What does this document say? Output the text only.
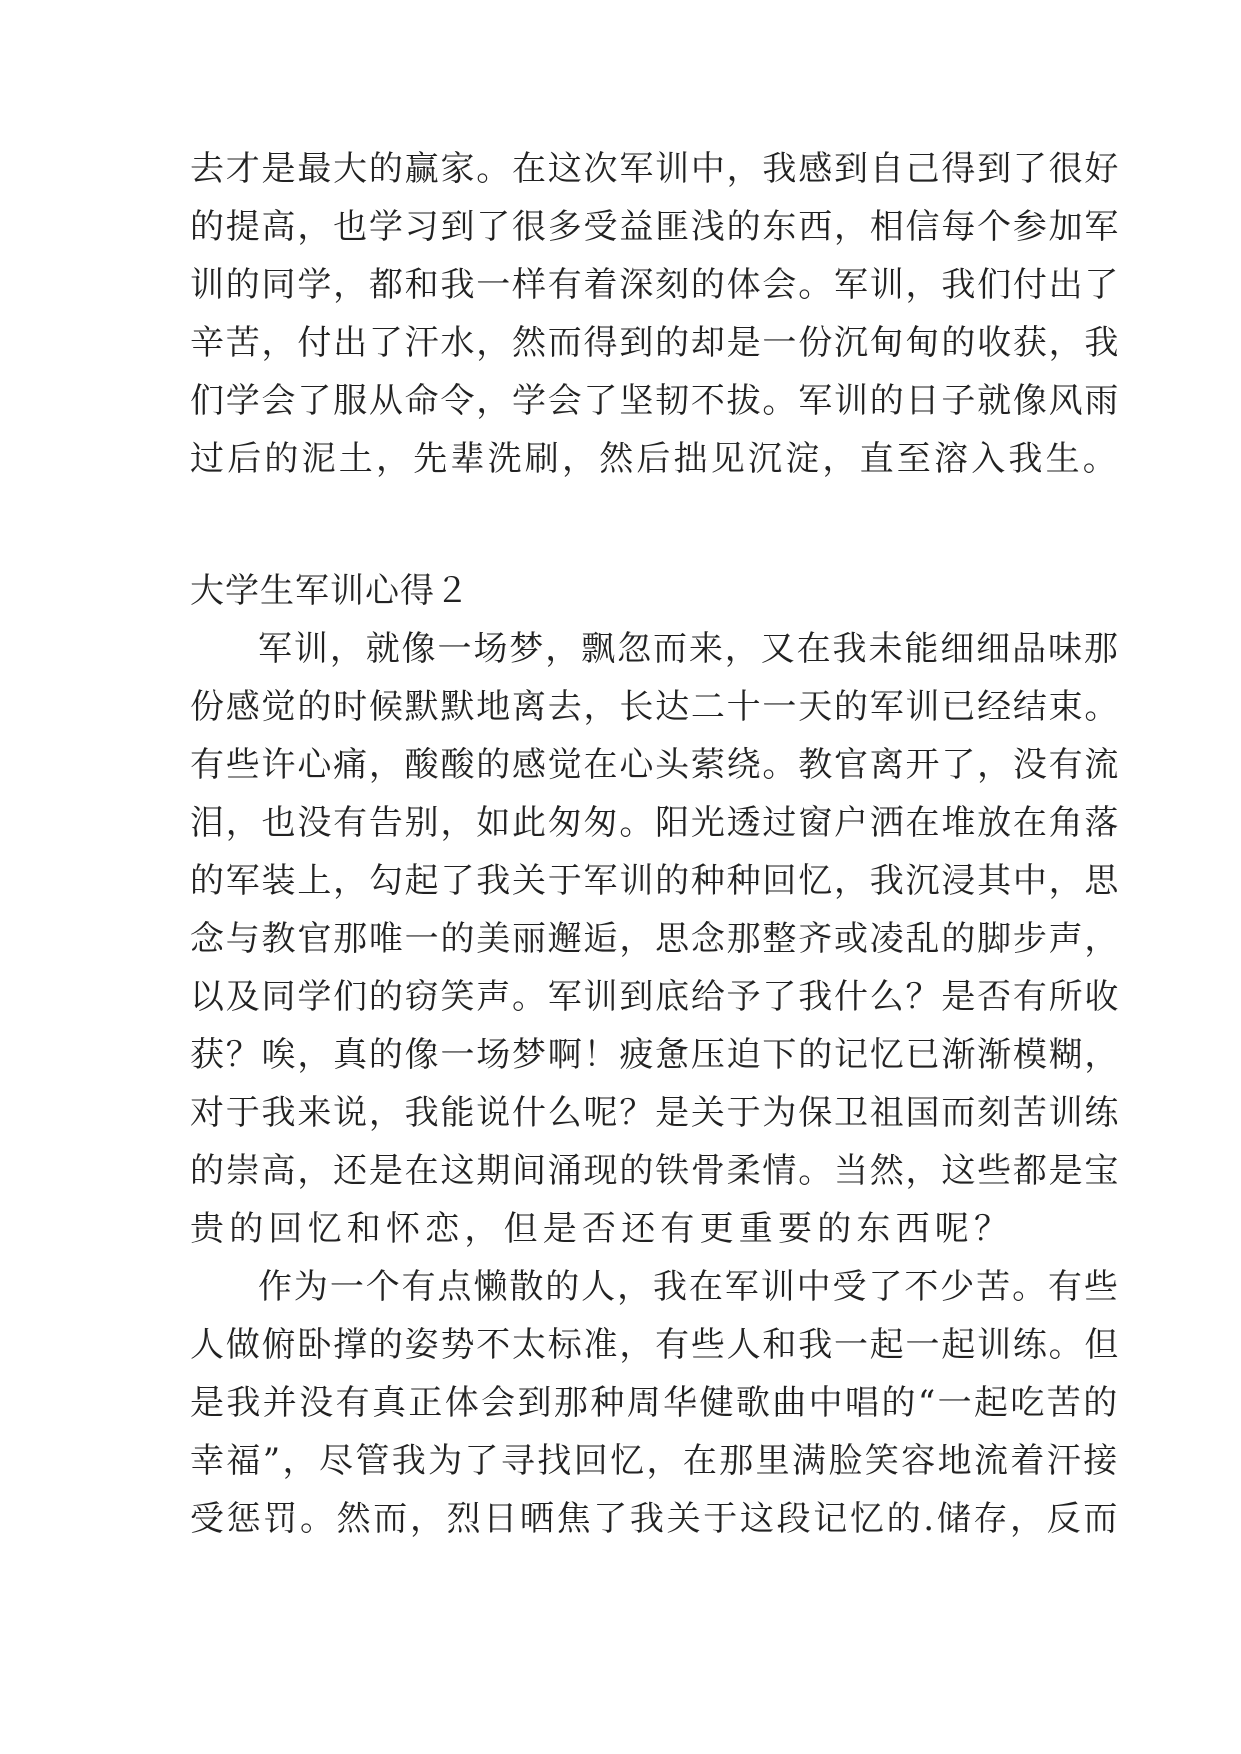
去才是最大的赢家。在这次军训中，我感到自己得到了很好

的提高，也学习到了很多受益匪浅的东西，相信每个参加军

训的同学，都和我一样有着深刻的体会。军训，我们付出了

辛苦，付出了汗水，然而得到的却是一份沉甸甸的收获，我

们学会了服从命令，学会了坚韧不拔。军训的日子就像风雨

过后的泥土，先辈洗刷，然后拙见沉淀，直至溶入我生。

大学生军训心得２

军训，就像一场梦，飘忽而来，又在我未能细细品味那

份感觉的时候默默地离去，长达二十一天的军训已经结束。

有些许心痛，酸酸的感觉在心头萦绕。教官离开了，没有流

泪，也没有告别，如此匆匆。阳光透过窗户洒在堆放在角落

的军装上，勾起了我关于军训的种种回忆，我沉浸其中，思

念与教官那唯一的美丽邂逅，思念那整齐或凌乱的脚步声，

以及同学们的窃笑声。军训到底给予了我什么？是否有所收

获？唉，真的像一场梦啊！疲惫压迫下的记忆已渐渐模糊，

对于我来说，我能说什么呢？是关于为保卫祖国而刻苦训练

的崇高，还是在这期间涌现的铁骨柔情。当然，这些都是宝

贵的回忆和怀恋，但是否还有更重要的东西呢？

作为一个有点懒散的人，我在军训中受了不少苦。有些

人做俯卧撑的姿势不太标准，有些人和我一起一起训练。但

是我并没有真正体会到那种周华健歌曲中唱的“一起吃苦的

幸福”，尽管我为了寻找回忆，在那里满脸笑容地流着汗接

受惩罚。然而，烈日晒焦了我关于这段记忆的.储存，反而
